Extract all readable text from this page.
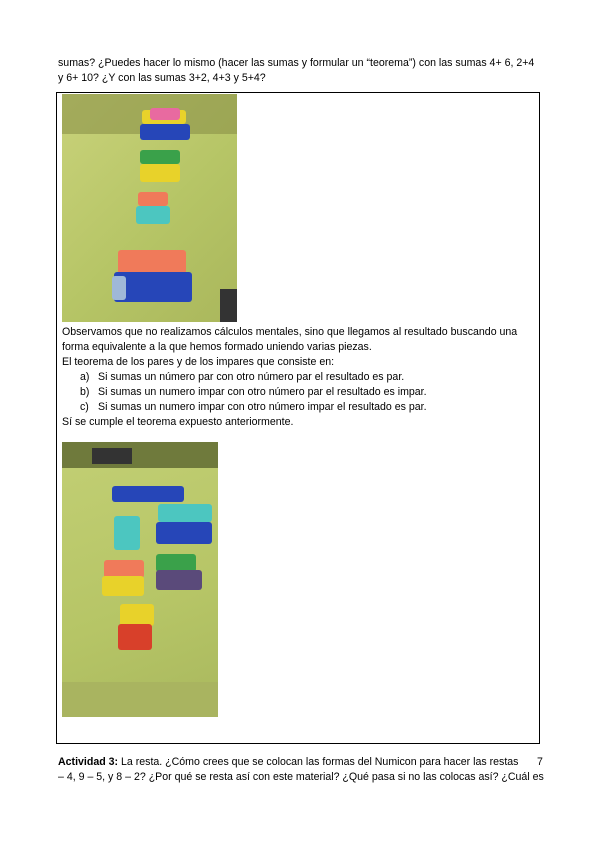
sumas? ¿Puedes hacer lo mismo (hacer las sumas y formular un “teorema”) con las sumas 4+ 6, 2+4
y 6+ 10? ¿Y con las sumas 3+2, 4+3 y 5+4?
Observamos que no realizamos cálculos mentales, sino que llegamos al resultado buscando una
forma equivalente a la que hemos formado uniendo varias piezas.
El teorema de los pares y de los impares que consiste en:
a) Si sumas un número par con otro número par el resultado es par.
b) Si sumas un numero impar con otro número par el resultado es impar.
c) Si sumas un numero impar con otro número impar el resultado es par.
Sí se cumple el teorema expuesto anteriormente.
Actividad 3: La resta. ¿Cómo crees que se colocan las formas del Numicon para hacer las restas 7
– 4, 9 – 5, y 8 – 2? ¿Por qué se resta así con este material? ¿Qué pasa si no las colocas así? ¿Cuál es
